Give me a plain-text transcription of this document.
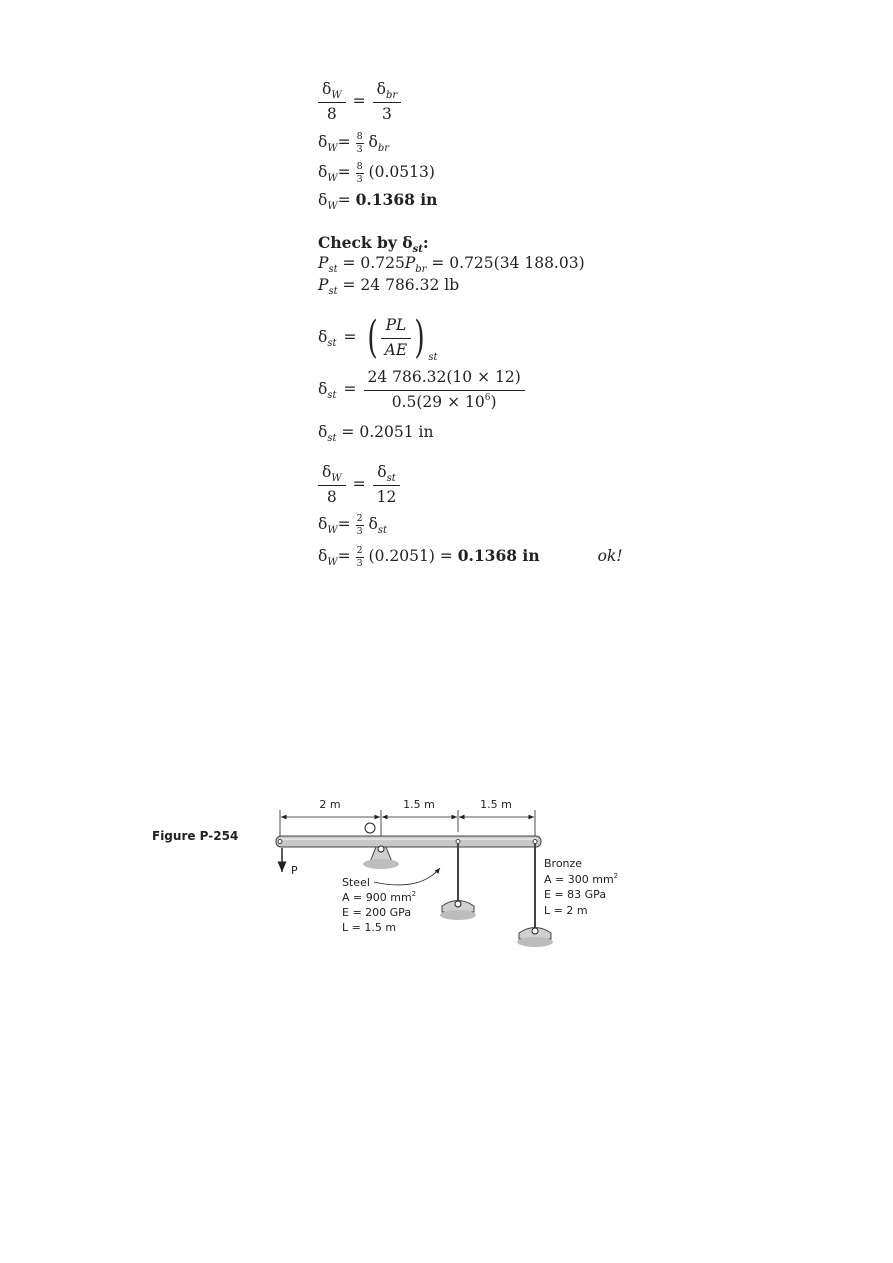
$\frac{\delta_W}{8} = \frac{\delta_{br}}{3}$
$\delta_W= \frac{8}{3} \delta_{br}$
$\delta_W= \frac{8}{3} (0.0513)$
$\delta_W= 0.1368$ in
Check by $\delta_{st}$:
$P_{st} = 0.725P_{br} = 0.725(34$ 188.03)
$P_{st} = 24$ 786.32 lb
$\delta_{st}$ = ( $\frac{PL}{AE}$ ) $_{st}$
$\delta_{st} = \frac{24 786.32(10 \times 12)}{0.5(29 \times 10^6)}$
$\delta_{st} = 0.2051$ in
$\frac{\delta_W}{8} = \frac{\delta_{st}}{12}$
$\delta_W= \frac{2}{3} \delta_{st}$
$\delta_W= \frac{2}{3} (0.2051) = 0.1368$ in	ok!
Figure P-254
2 m	1.5 m	1.5 m
P
Steel
A = 900 $mm^2$
E = 200 GPa
L = 1.5 m
Bronze
A = 300 $mm^2$
E = 83 GPa
L = 2 m
